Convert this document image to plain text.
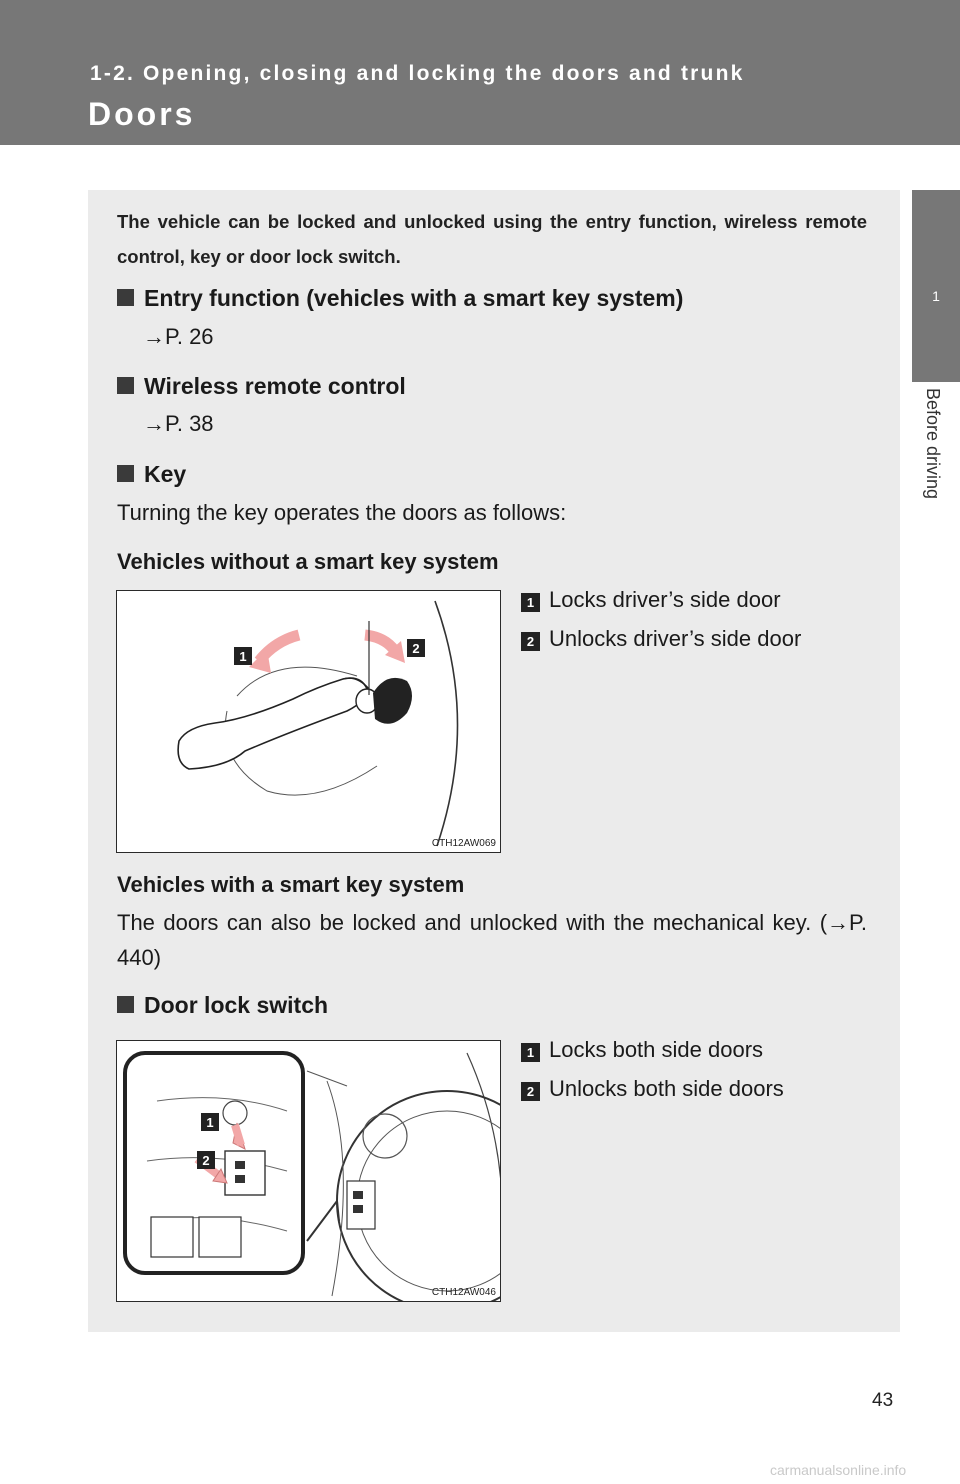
1-2. Opening, closing and locking the doors and trunk
Doors
1
Before driving
The vehicle can be locked and unlocked using the entry function, wireless remote control, key or door lock switch.
Entry function (vehicles with a smart key system)
→P. 26
Wireless remote control
→P. 38
Key
Turning the key operates the doors as follows:
Vehicles without a smart key system
1
2
CTH12AW069
1 Locks driver’s side door
2 Unlocks driver’s side door
Vehicles with a smart key system
The doors can also be locked and unlocked with the mechanical key. (→P. 440)
Door lock switch
1
2
CTH12AW046
1 Locks both side doors
2 Unlocks both side doors
43
carmanualsonline.info
